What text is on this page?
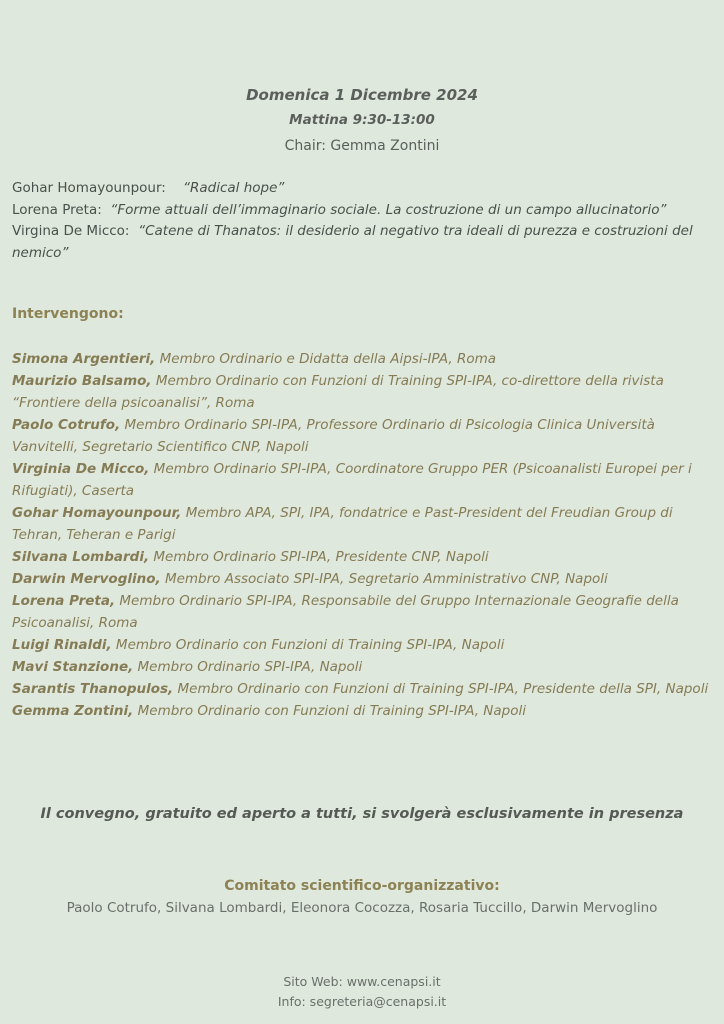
Domenica 1 Dicembre 2024
Mattina 9:30-13:00
Chair: Gemma Zontini

Gohar Homayounpour: “Radical hope”

Lorena Preta: “Forme attuali dell’immaginario sociale. La costruzione di un campo allucinatorio”

Virgina De Micco: “Catene di Thanatos: il desiderio al negativo tra ideali di purezza e costruzioni del nemico”

Intervengono:

Simona Argentieri, Membro Ordinario e Didatta della Aipsi-IPA, Roma

Maurizio Balsamo, Membro Ordinario con Funzioni di Training SPI-IPA, co-direttore della rivista “Frontiere della psicoanalisi”, Roma

Paolo Cotrufo, Membro Ordinario SPI-IPA, Professore Ordinario di Psicologia Clinica Università Vanvitelli, Segretario Scientifico CNP, Napoli

Virginia De Micco, Membro Ordinario SPI-IPA, Coordinatore Gruppo PER (Psicoanalisti Europei per i Rifugiati), Caserta

Gohar Homayounpour, Membro APA, SPI, IPA, fondatrice e Past-President del Freudian Group di Tehran, Teheran e Parigi

Silvana Lombardi, Membro Ordinario SPI-IPA, Presidente CNP, Napoli

Darwin Mervoglino, Membro Associato SPI-IPA, Segretario Amministrativo CNP, Napoli

Lorena Preta, Membro Ordinario SPI-IPA, Responsabile del Gruppo Internazionale Geografie della Psicoanalisi, Roma

Luigi Rinaldi, Membro Ordinario con Funzioni di Training SPI-IPA, Napoli

Mavi Stanzione, Membro Ordinario SPI-IPA, Napoli

Sarantis Thanopulos, Membro Ordinario con Funzioni di Training SPI-IPA, Presidente della SPI, Napoli

Gemma Zontini, Membro Ordinario con Funzioni di Training SPI-IPA, Napoli

Il convegno, gratuito ed aperto a tutti, si svolgerà esclusivamente in presenza
Comitato scientifico-organizzativo:
Paolo Cotrufo, Silvana Lombardi, Eleonora Cocozza, Rosaria Tuccillo, Darwin Mervoglino
Sito Web: www.cenapsi.it
Info: segreteria@cenapsi.it
